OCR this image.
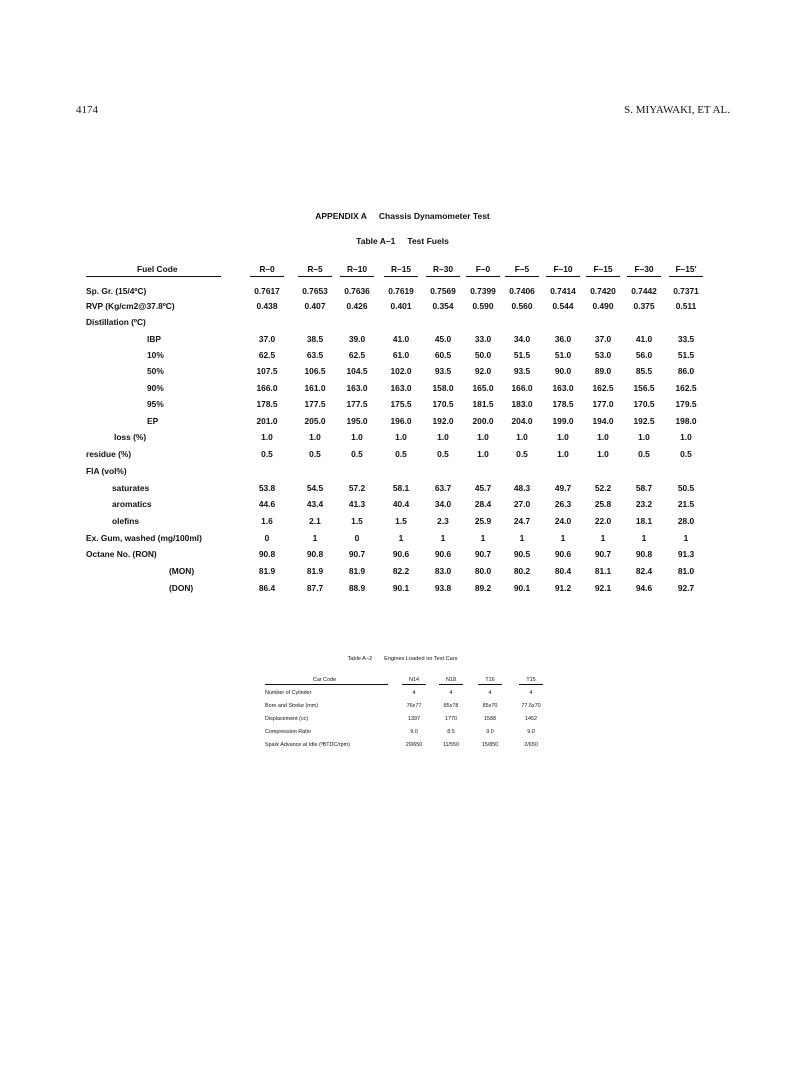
4174	S. MIYAWAKI, ET AL.
APPENDIX A Chassis Dynamometer Test
Table A–1 Test Fuels
Fuel Code	R–0	R–5	R–10	R–15	R–30	F–0	F–5	F–10	F–15	F–30	F–15′
Sp. Gr. (15/4ºC)	0.7617	0.7653	0.7636	0.7619	0.7569	0.7399	0.7406	0.7414	0.7420	0.7442	0.7371
RVP (Kg/cm2@37.8ºC)	0.438	0.407	0.426	0.401	0.354	0.590	0.560	0.544	0.490	0.375	0.511
Distillation (ºC)
IBP	37.0	38.5	39.0	41.0	45.0	33.0	34.0	36.0	37.0	41.0	33.5
10%	62.5	63.5	62.5	61.0	60.5	50.0	51.5	51.0	53.0	56.0	51.5
50%	107.5	106.5	104.5	102.0	93.5	92.0	93.5	90.0	89.0	85.5	86.0
90%	166.0	161.0	163.0	163.0	158.0	165.0	166.0	163.0	162.5	156.5	162.5
95%	178.5	177.5	177.5	175.5	170.5	181.5	183.0	178.5	177.0	170.5	179.5
EP	201.0	205.0	195.0	196.0	192.0	200.0	204.0	199.0	194.0	192.5	198.0
loss (%)	1.0	1.0	1.0	1.0	1.0	1.0	1.0	1.0	1.0	1.0	1.0
residue (%)	0.5	0.5	0.5	0.5	0.5	1.0	0.5	1.0	1.0	0.5	0.5
FIA (vol%)
saturates	53.8	54.5	57.2	58.1	63.7	45.7	48.3	49.7	52.2	58.7	50.5
aromatics	44.6	43.4	41.3	40.4	34.0	28.4	27.0	26.3	25.8	23.2	21.5
olefins	1.6	2.1	1.5	1.5	2.3	25.9	24.7	24.0	22.0	18.1	28.0
Ex. Gum, washed (mg/100ml)	0	1	0	1	1	1	1	1	1	1	1
Octane No. (RON)	90.8	90.8	90.7	90.6	90.6	90.7	90.5	90.6	90.7	90.8	91.3
(MON)	81.9	81.9	81.9	82.2	83.0	80.0	80.2	80.4	81.1	82.4	81.0
(DON)	86.4	87.7	88.9	90.1	93.8	89.2	90.1	91.2	92.1	94.6	92.7
Table A–2 Engines Loaded on Test Cars
Car Code	N14	N18	T16	T15
Number of Cylinder	4	4	4	4
Bore and Stroke (mm)	76x77	85x78	85x70	77.5x70
Displacement (cc)	1397	1770	1588	1452
Compression Ratio	9.0	8.5	9.0	9.0
Spark Advance at Idle (ºBTDC/rpm)	20/650	11/550	15/850	2/650
